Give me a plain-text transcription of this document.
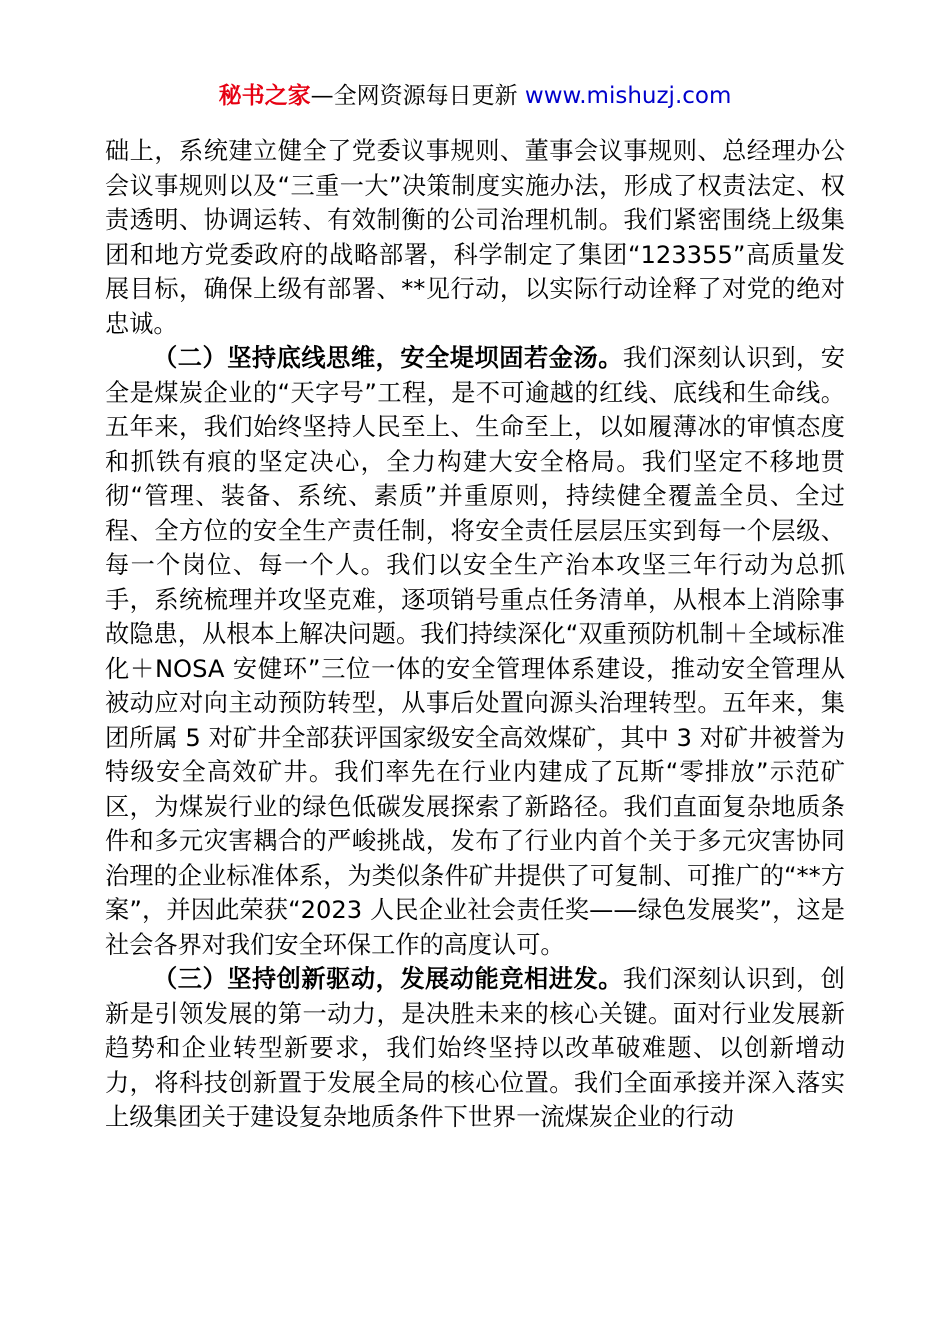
秘书之家—全网资源每日更新 www.mishuzj.com

础上，系统建立健全了党委议事规则、董事会议事规则、总经理办公会议事规则以及“三重一大”决策制度实施办法，形成了权责法定、权责透明、协调运转、有效制衡的公司治理机制。我们紧密围绕上级集团和地方党委政府的战略部署，科学制定了集团“123355”高质量发展目标，确保上级有部署、**见行动，以实际行动诠释了对党的绝对忠诚。

（二）坚持底线思维，安全堤坝固若金汤。我们深刻认识到，安全是煤炭企业的“天字号”工程，是不可逾越的红线、底线和生命线。五年来，我们始终坚持人民至上、生命至上，以如履薄冰的审慎态度和抓铁有痕的坚定决心，全力构建大安全格局。我们坚定不移地贯彻“管理、装备、系统、素质”并重原则，持续健全覆盖全员、全过程、全方位的安全生产责任制，将安全责任层层压实到每一个层级、每一个岗位、每一个人。我们以安全生产治本攻坚三年行动为总抓手，系统梳理并攻坚克难，逐项销号重点任务清单，从根本上消除事故隐患，从根本上解决问题。我们持续深化“双重预防机制＋全域标准化＋NOSA 安健环”三位一体的安全管理体系建设，推动安全管理从被动应对向主动预防转型，从事后处置向源头治理转型。五年来，集团所属 5 对矿井全部获评国家级安全高效煤矿，其中 3 对矿井被誉为特级安全高效矿井。我们率先在行业内建成了瓦斯“零排放”示范矿区，为煤炭行业的绿色低碳发展探索了新路径。我们直面复杂地质条件和多元灾害耦合的严峻挑战，发布了行业内首个关于多元灾害协同治理的企业标准体系，为类似条件矿井提供了可复制、可推广的“**方案”，并因此荣获“2023 人民企业社会责任奖——绿色发展奖”，这是社会各界对我们安全环保工作的高度认可。

（三）坚持创新驱动，发展动能竞相进发。我们深刻认识到，创新是引领发展的第一动力，是决胜未来的核心关键。面对行业发展新趋势和企业转型新要求，我们始终坚持以改革破难题、以创新增动力，将科技创新置于发展全局的核心位置。我们全面承接并深入落实上级集团关于建设复杂地质条件下世界一流煤炭企业的行动
